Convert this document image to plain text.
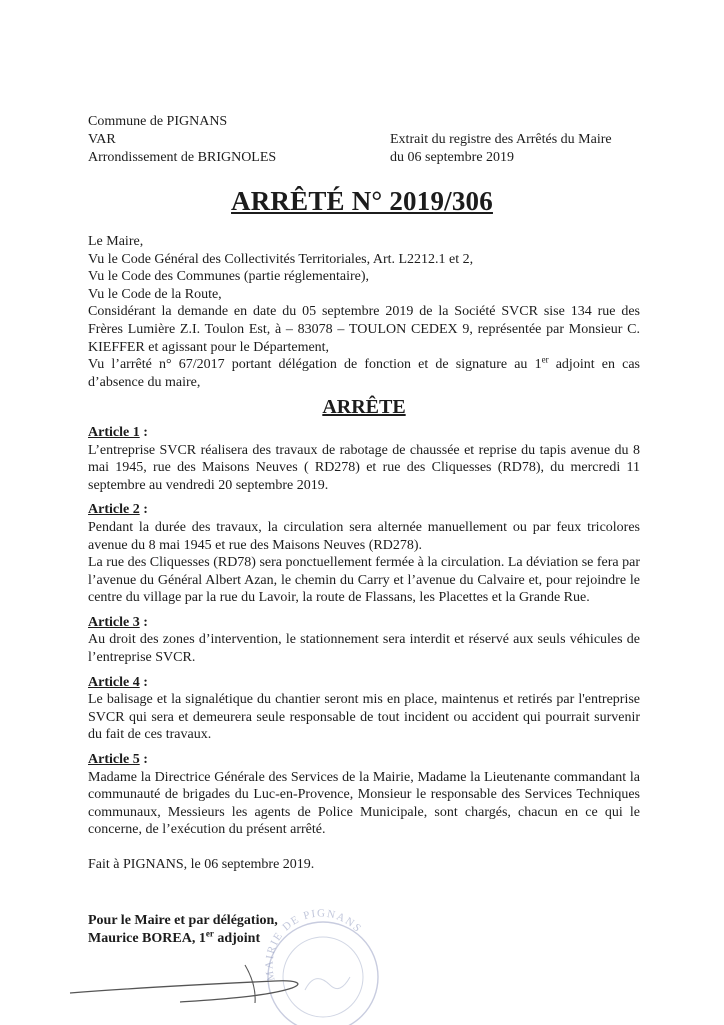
Commune de PIGNANS
VAR
Arrondissement de BRIGNOLES
Extrait du registre des Arrêtés du Maire
du 06 septembre 2019
ARRÊTÉ N° 2019/306

Le Maire,

Vu le Code Général des Collectivités Territoriales, Art. L2212.1 et 2,

Vu le Code des Communes (partie réglementaire),

Vu le Code de la Route,

Considérant la demande en date du 05 septembre 2019 de la Société SVCR sise 134 rue des Frères Lumière Z.I. Toulon Est, à – 83078 – TOULON CEDEX 9, représentée par Monsieur C. KIEFFER et agissant pour le Département,

Vu l’arrêté n° 67/2017 portant délégation de fonction et de signature au 1er adjoint en cas d’absence du maire,

ARRÊTE

Article 1 :

L’entreprise SVCR réalisera des travaux de rabotage de chaussée et reprise du tapis avenue du 8 mai 1945, rue des Maisons Neuves ( RD278) et rue des Cliquesses (RD78), du mercredi 11 septembre au vendredi 20 septembre 2019.

Article 2 :

Pendant la durée des travaux, la circulation sera alternée manuellement ou par feux tricolores avenue du 8 mai 1945 et rue des Maisons Neuves (RD278).

La rue des Cliquesses (RD78) sera ponctuellement fermée à la circulation. La déviation se fera par l’avenue du Général Albert Azan, le chemin du Carry et l’avenue du Calvaire et, pour rejoindre le centre du village par la rue du Lavoir, la route de Flassans, les Placettes et la Grande Rue.

Article 3 :

Au droit des zones d’intervention, le stationnement sera interdit et réservé aux seuls véhicules de l’entreprise SVCR.

Article 4 :

Le balisage et la signalétique du chantier seront mis en place, maintenus et retirés par l'entreprise SVCR qui sera et demeurera seule responsable de tout incident ou accident qui pourrait survenir du fait de ces travaux.

Article 5 :

Madame la Directrice Générale des Services de la Mairie, Madame la Lieutenante commandant la communauté de brigades du Luc-en-Provence, Monsieur le responsable des Services Techniques communaux, Messieurs les agents de Police Municipale, sont chargés, chacun en ce qui le concerne, de l’exécution du présent arrêté.

Fait à PIGNANS, le 06 septembre 2019.

Pour le Maire et par délégation,
Maurice BOREA, 1er adjoint
MAIRIE DE PIGNANS
